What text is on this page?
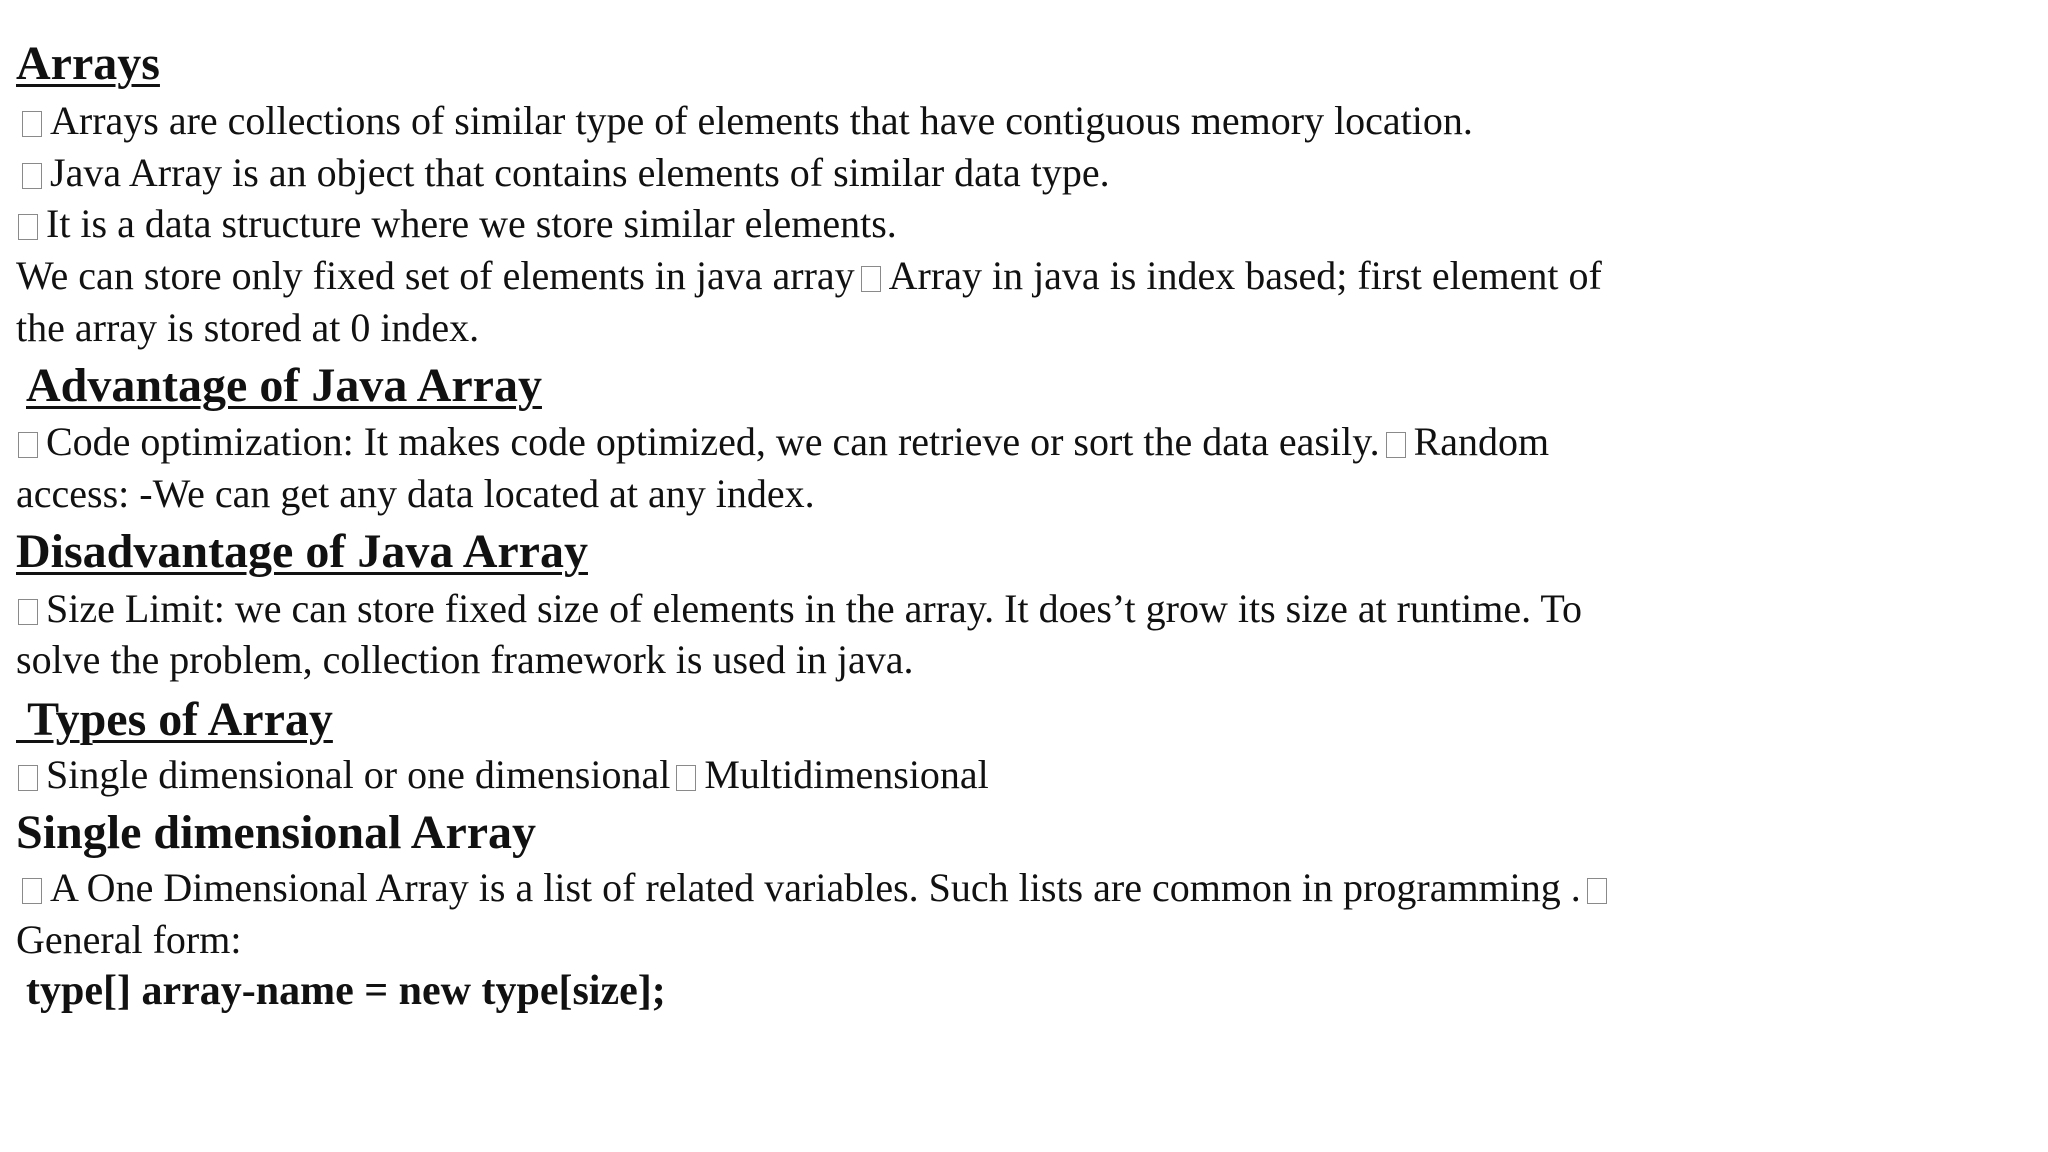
Arrays
Arrays are collections of similar type of elements that have contiguous memory location.
Java Array is an object that contains elements of similar data type.
It is a data structure where we store similar elements.
We can store only fixed set of elements in java array Array in java is index based; first element of
the array is stored at 0 index.
Advantage of Java Array
Code optimization: It makes code optimized, we can retrieve or sort the data easily. Random
access: -We can get any data located at any index.
Disadvantage of Java Array
Size Limit: we can store fixed size of elements in the array. It does’t grow its size at runtime. To
solve the problem, collection framework is used in java.
Types of Array
Single dimensional or one dimensional Multidimensional
Single dimensional Array
A One Dimensional Array is a list of related variables. Such lists are common in programming .
General form:
type[] array-name = new type[size];
